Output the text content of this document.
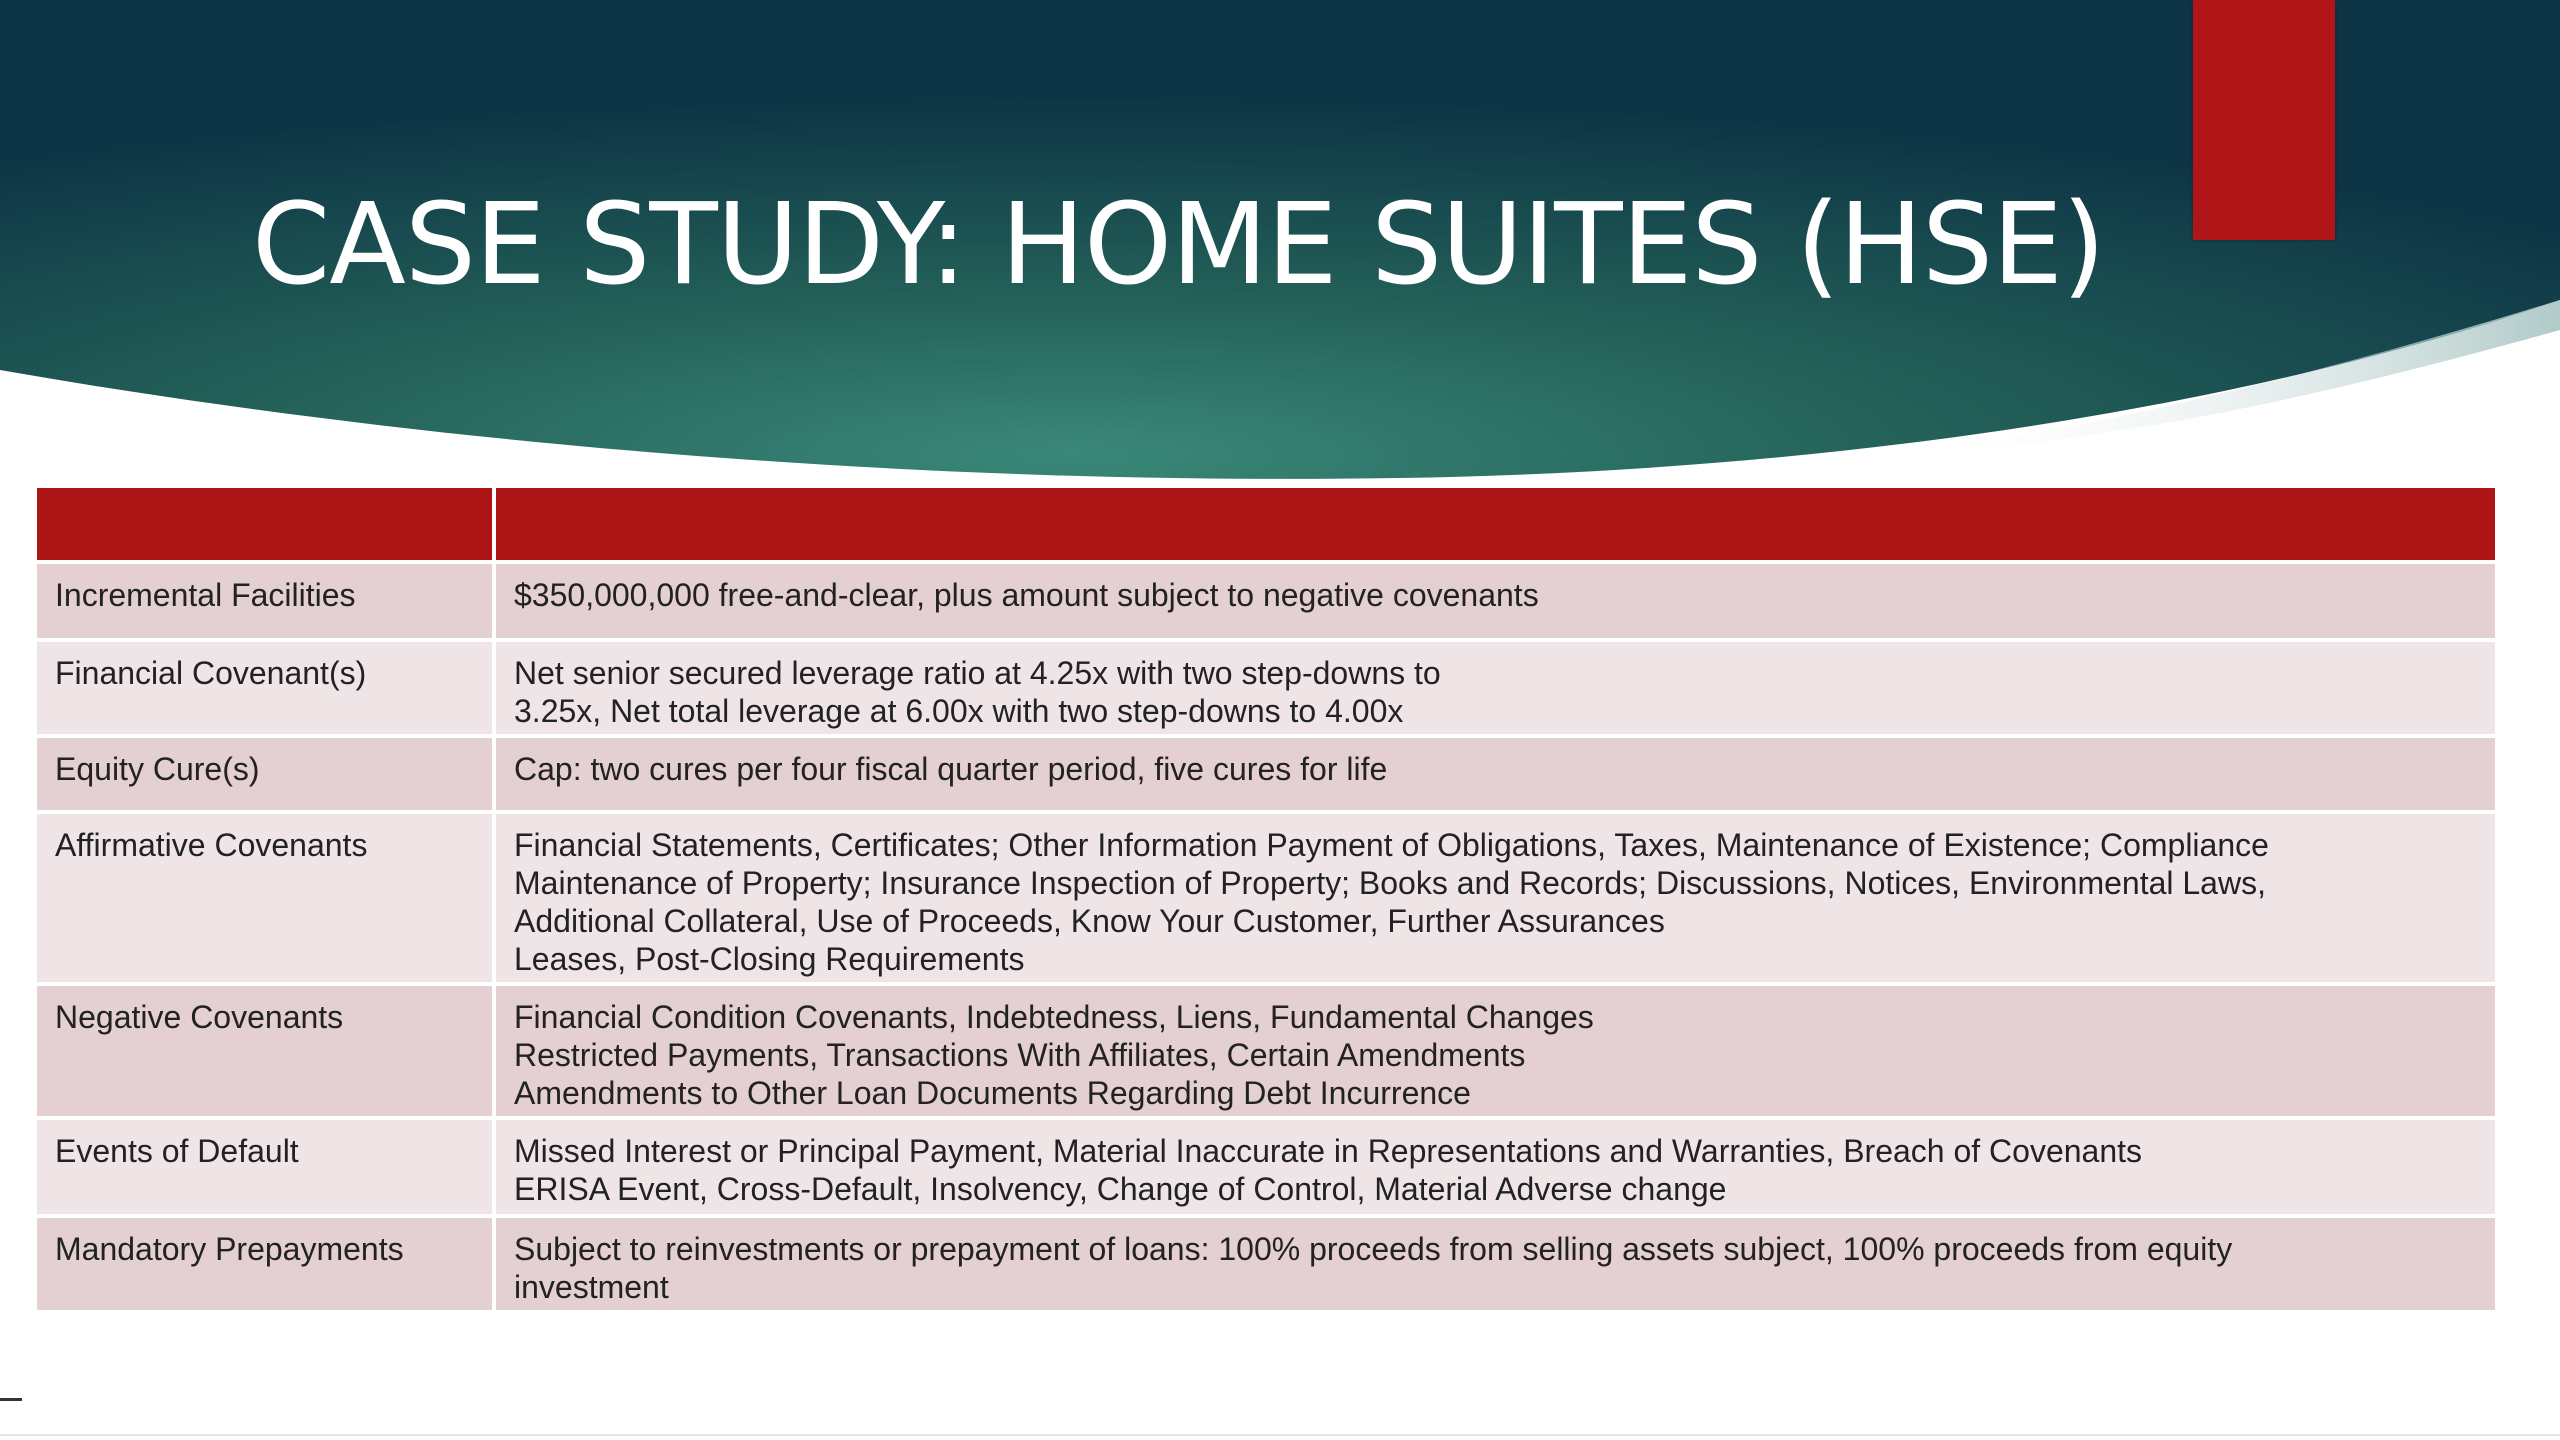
CASE STUDY: HOME SUITES (HSE)
Incremental Facilities	$350,000,000 free-and-clear, plus amount subject to negative covenants
Financial Covenant(s)	Net senior secured leverage ratio at 4.25x with two step-downs to
3.25x, Net total leverage at 6.00x with two step-downs to 4.00x
Equity Cure(s)	Cap: two cures per four fiscal quarter period, five cures for life
Affirmative Covenants	Financial Statements, Certificates; Other Information Payment of Obligations, Taxes, Maintenance of Existence; Compliance
Maintenance of Property; Insurance Inspection of Property; Books and Records; Discussions, Notices, Environmental Laws,
Additional Collateral, Use of Proceeds, Know Your Customer, Further Assurances
Leases, Post-Closing Requirements
Negative Covenants	Financial Condition Covenants, Indebtedness, Liens, Fundamental Changes
Restricted Payments, Transactions With Affiliates, Certain Amendments
Amendments to Other Loan Documents Regarding Debt Incurrence
Events of Default	Missed Interest or Principal Payment, Material Inaccurate in Representations and Warranties, Breach of Covenants
ERISA Event, Cross-Default, Insolvency, Change of Control, Material Adverse change
Mandatory Prepayments	Subject to reinvestments or prepayment of loans: 100% proceeds from selling assets subject, 100% proceeds from equity
investment
